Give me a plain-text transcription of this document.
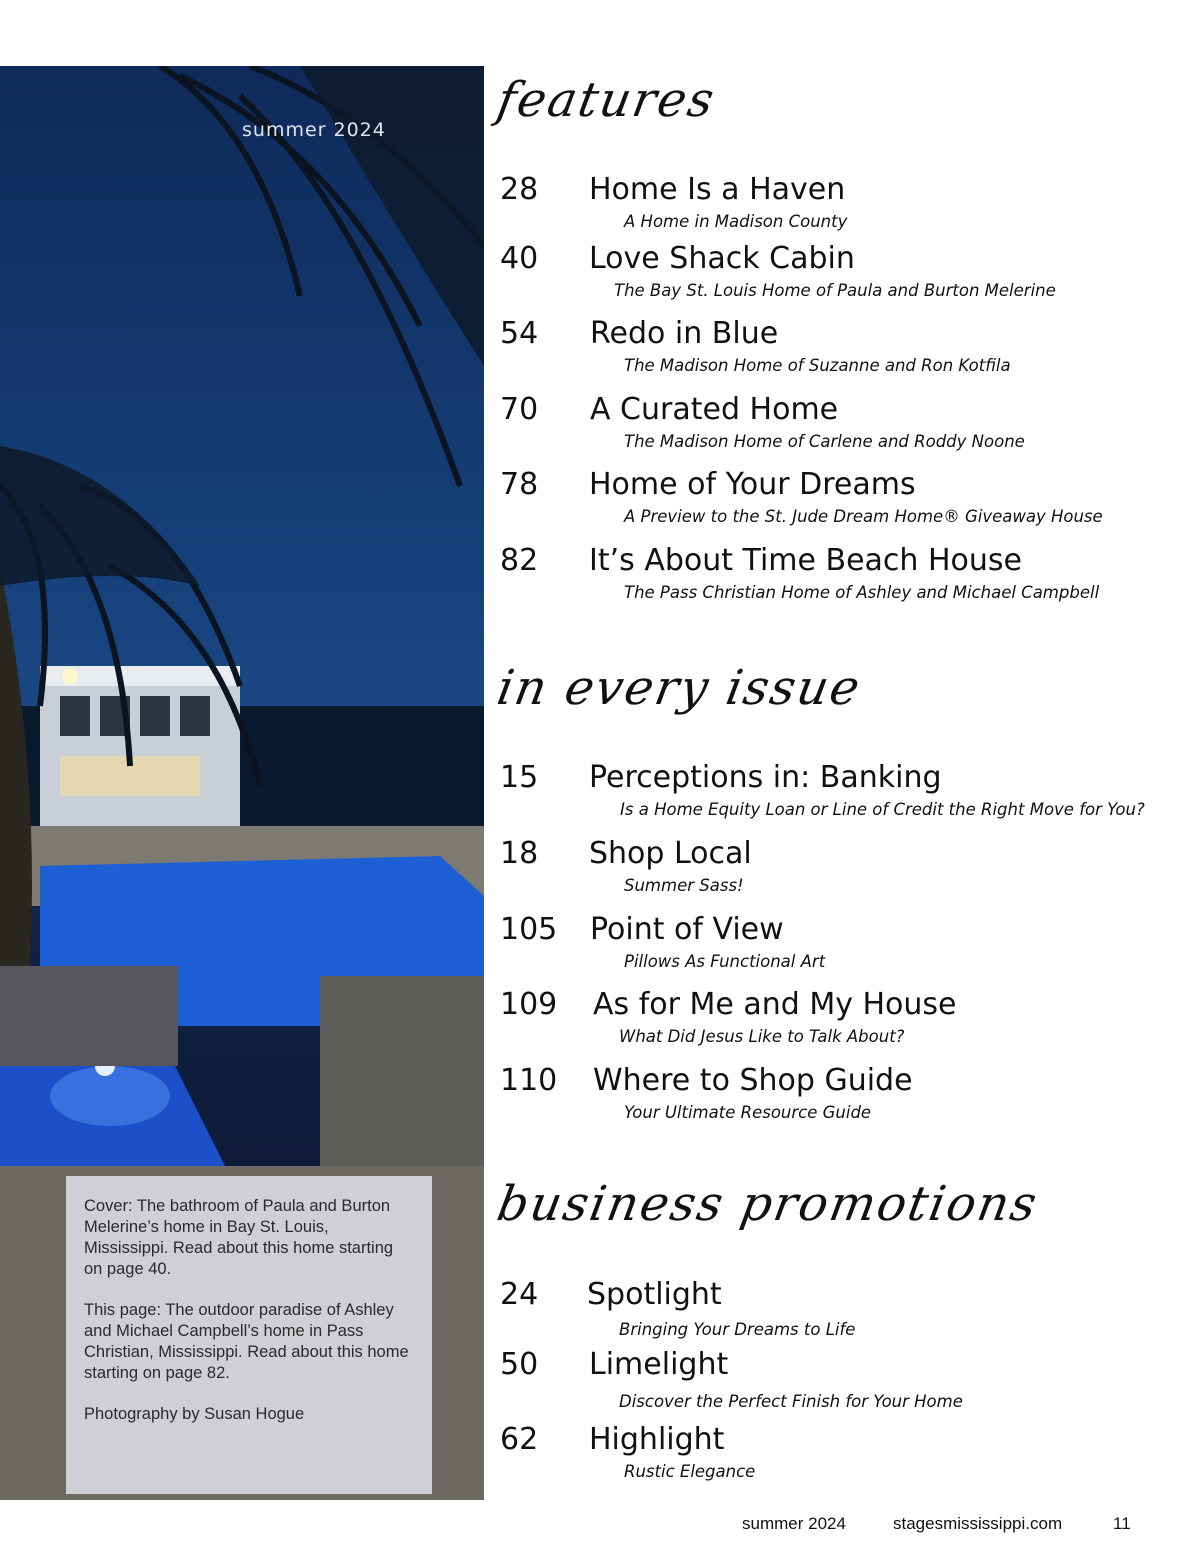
summer 2024

Cover: The bathroom of Paula and Burton Melerine’s home in Bay St. Louis, Mississippi. Read about this home starting on page 40.

This page: The outdoor paradise of Ashley and Michael Campbell’s home in Pass Christian, Mississippi. Read about this home starting on page 82.

Photography by Susan Hogue

features
28 Home Is a Haven
A Home in Madison County
40 Love Shack Cabin
The Bay St. Louis Home of Paula and Burton Melerine
54 Redo in Blue
The Madison Home of Suzanne and Ron Kotfila
70 A Curated Home
The Madison Home of Carlene and Roddy Noone
78 Home of Your Dreams
A Preview to the St. Jude Dream Home® Giveaway House
82 It’s About Time Beach House
The Pass Christian Home of Ashley and Michael Campbell
in every issue
15 Perceptions in: Banking
Is a Home Equity Loan or Line of Credit the Right Move for You?
18 Shop Local
Summer Sass!
105 Point of View
Pillows As Functional Art
109 As for Me and My House
What Did Jesus Like to Talk About?
110 Where to Shop Guide
Your Ultimate Resource Guide
business promotions
24 Spotlight
Bringing Your Dreams to Life
50 Limelight
Discover the Perfect Finish for Your Home
62 Highlight
Rustic Elegance
summer 2024	stagesmississippi.com	11
